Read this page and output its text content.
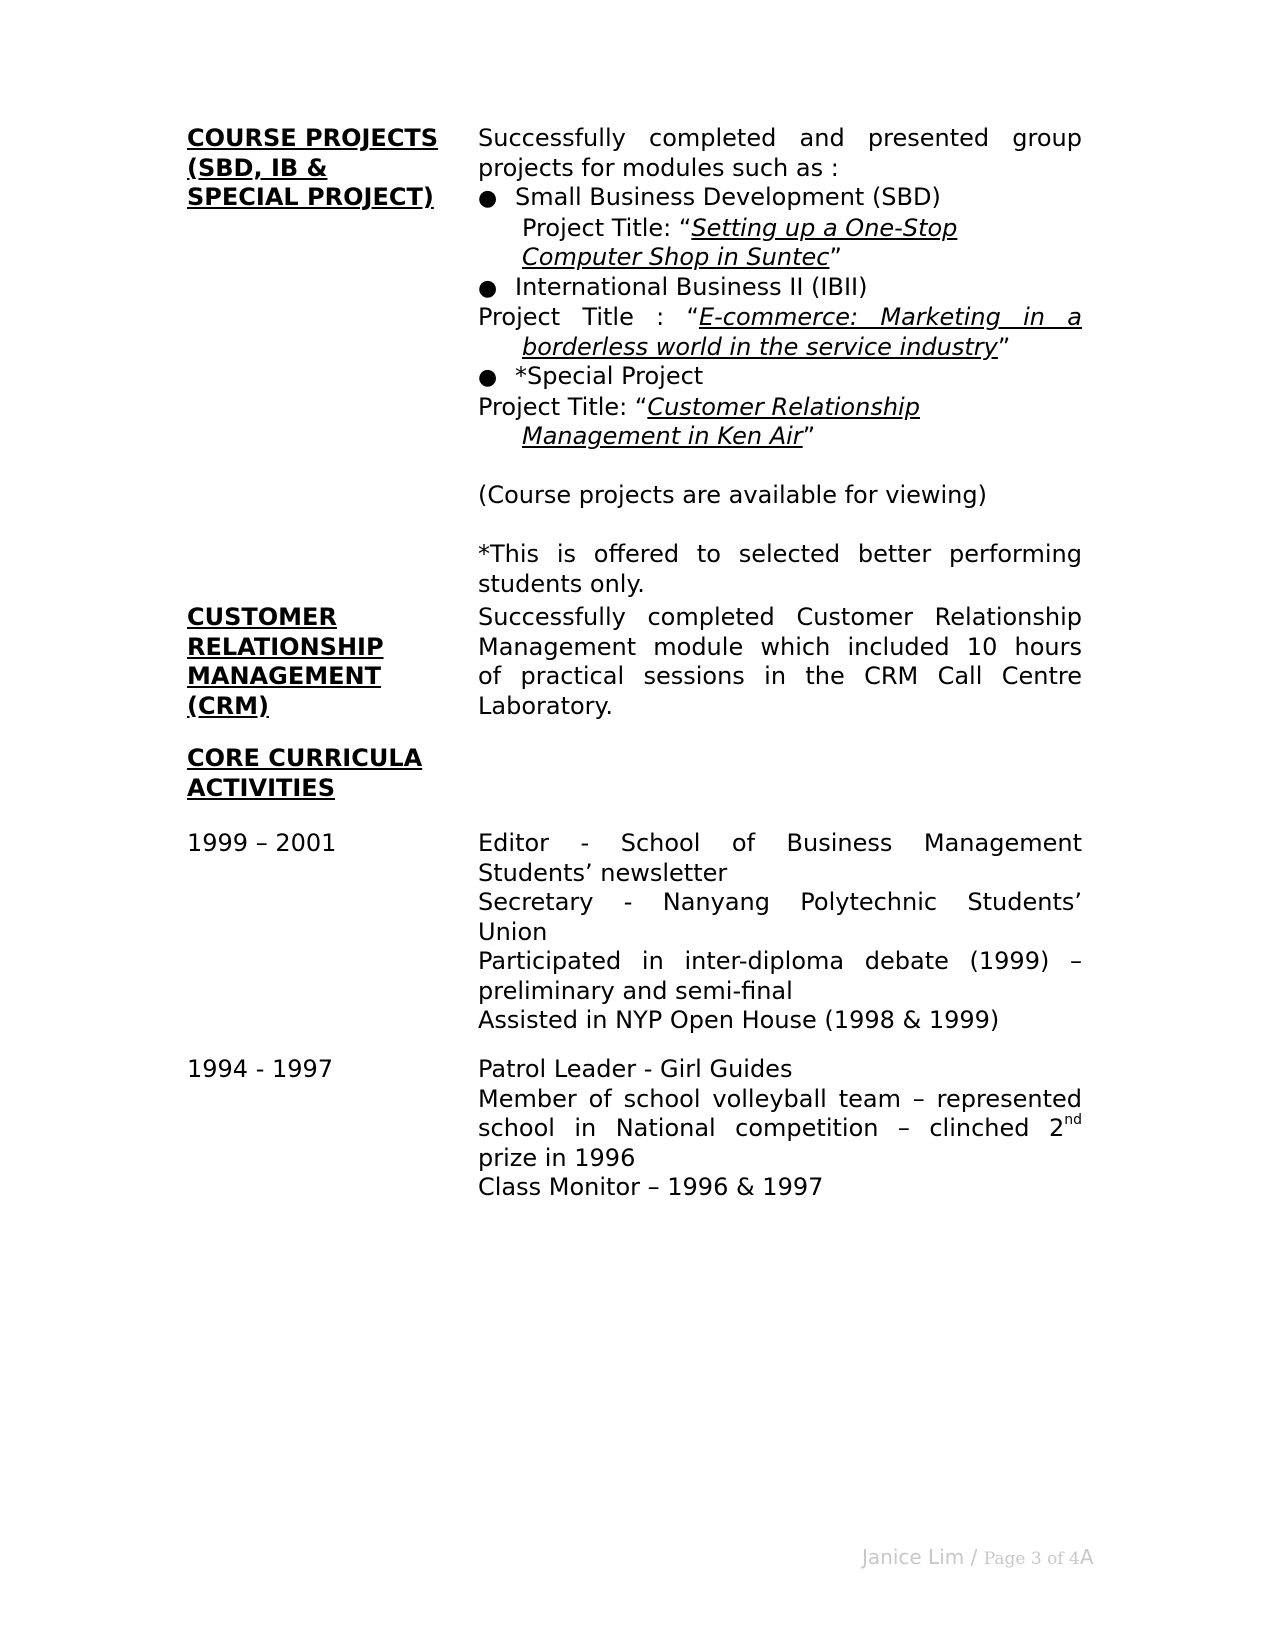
COURSE PROJECTS
(SBD, IB &
SPECIAL PROJECT)
Successfully completed and presented group
projects for modules such as :
● Small Business Development (SBD)
Project Title: “Setting up a One-Stop
Computer Shop in Suntec”
● International Business II (IBII)
Project Title : “E-commerce: Marketing in a
borderless world in the service industry”
● *Special Project
Project Title: “Customer Relationship
Management in Ken Air”
(Course projects are available for viewing)
*This is offered to selected better performing
students only.
CUSTOMER
RELATIONSHIP
MANAGEMENT
(CRM)
Successfully completed Customer Relationship
Management module which included 10 hours
of practical sessions in the CRM Call Centre
Laboratory.
CORE CURRICULA
ACTIVITIES
1999 – 2001	Editor - School of Business Management
Students’ newsletter
Secretary - Nanyang Polytechnic Students’
Union
Participated in inter-diploma debate (1999) –
preliminary and semi-final
Assisted in NYP Open House (1998 & 1999)
1994 - 1997	Patrol Leader - Girl Guides
Member of school volleyball team – represented
school in National competition – clinched 2nd
prize in 1996
Class Monitor – 1996 & 1997
Janice Lim / Page 3 of 4A
